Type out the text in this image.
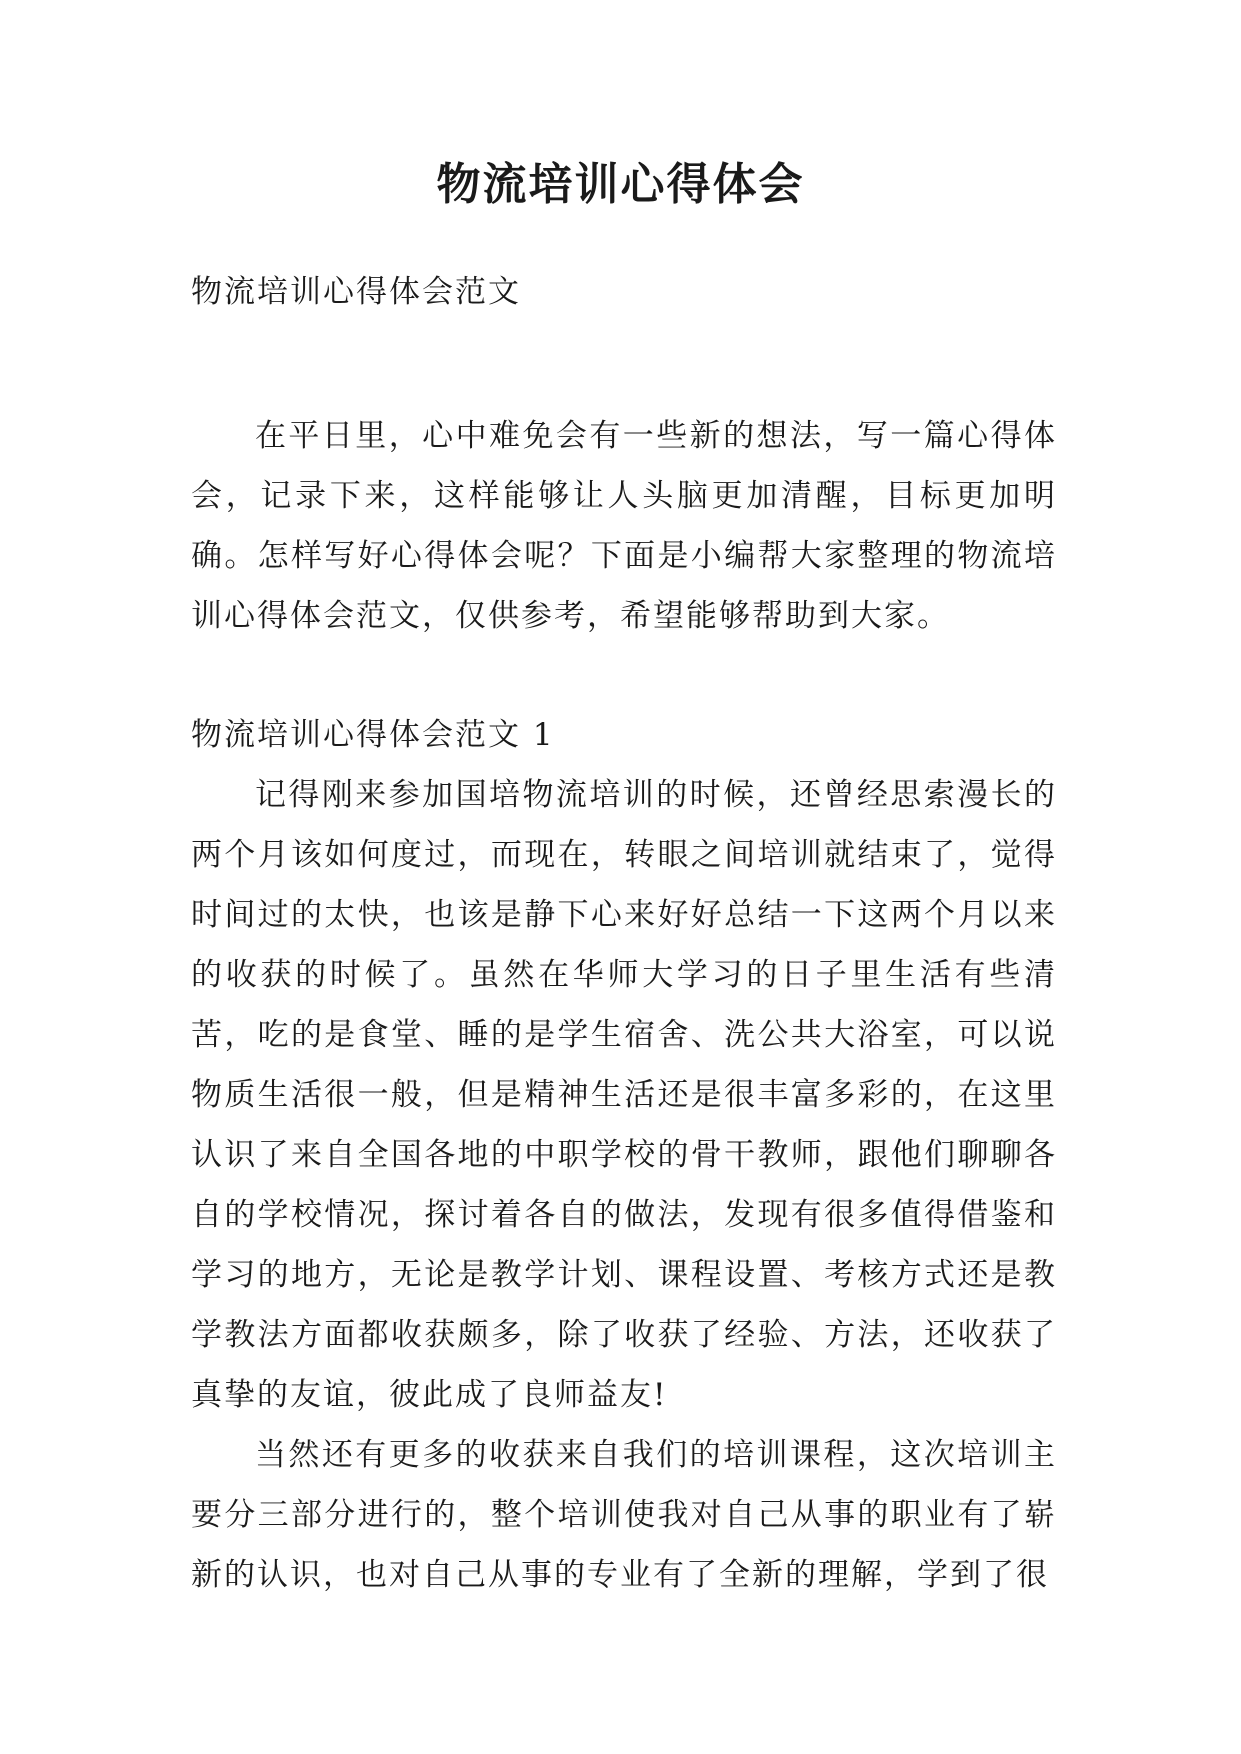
物流培训心得体会

物流培训心得体会范文

在平日里，心中难免会有一些新的想法，写一篇心得体会，记录下来，这样能够让人头脑更加清醒，目标更加明确。怎样写好心得体会呢？下面是小编帮大家整理的物流培训心得体会范文，仅供参考，希望能够帮助到大家。

物流培训心得体会范文 1

记得刚来参加国培物流培训的时候，还曾经思索漫长的两个月该如何度过，而现在，转眼之间培训就结束了，觉得时间过的太快，也该是静下心来好好总结一下这两个月以来的收获的时候了。虽然在华师大学习的日子里生活有些清苦，吃的是食堂、睡的是学生宿舍、洗公共大浴室，可以说物质生活很一般，但是精神生活还是很丰富多彩的，在这里认识了来自全国各地的中职学校的骨干教师，跟他们聊聊各自的学校情况，探讨着各自的做法，发现有很多值得借鉴和学习的地方，无论是教学计划、课程设置、考核方式还是教学教法方面都收获颇多，除了收获了经验、方法，还收获了真挚的友谊，彼此成了良师益友!

当然还有更多的收获来自我们的培训课程，这次培训主要分三部分进行的，整个培训使我对自己从事的职业有了崭新的认识，也对自己从事的专业有了全新的理解，学到了很
